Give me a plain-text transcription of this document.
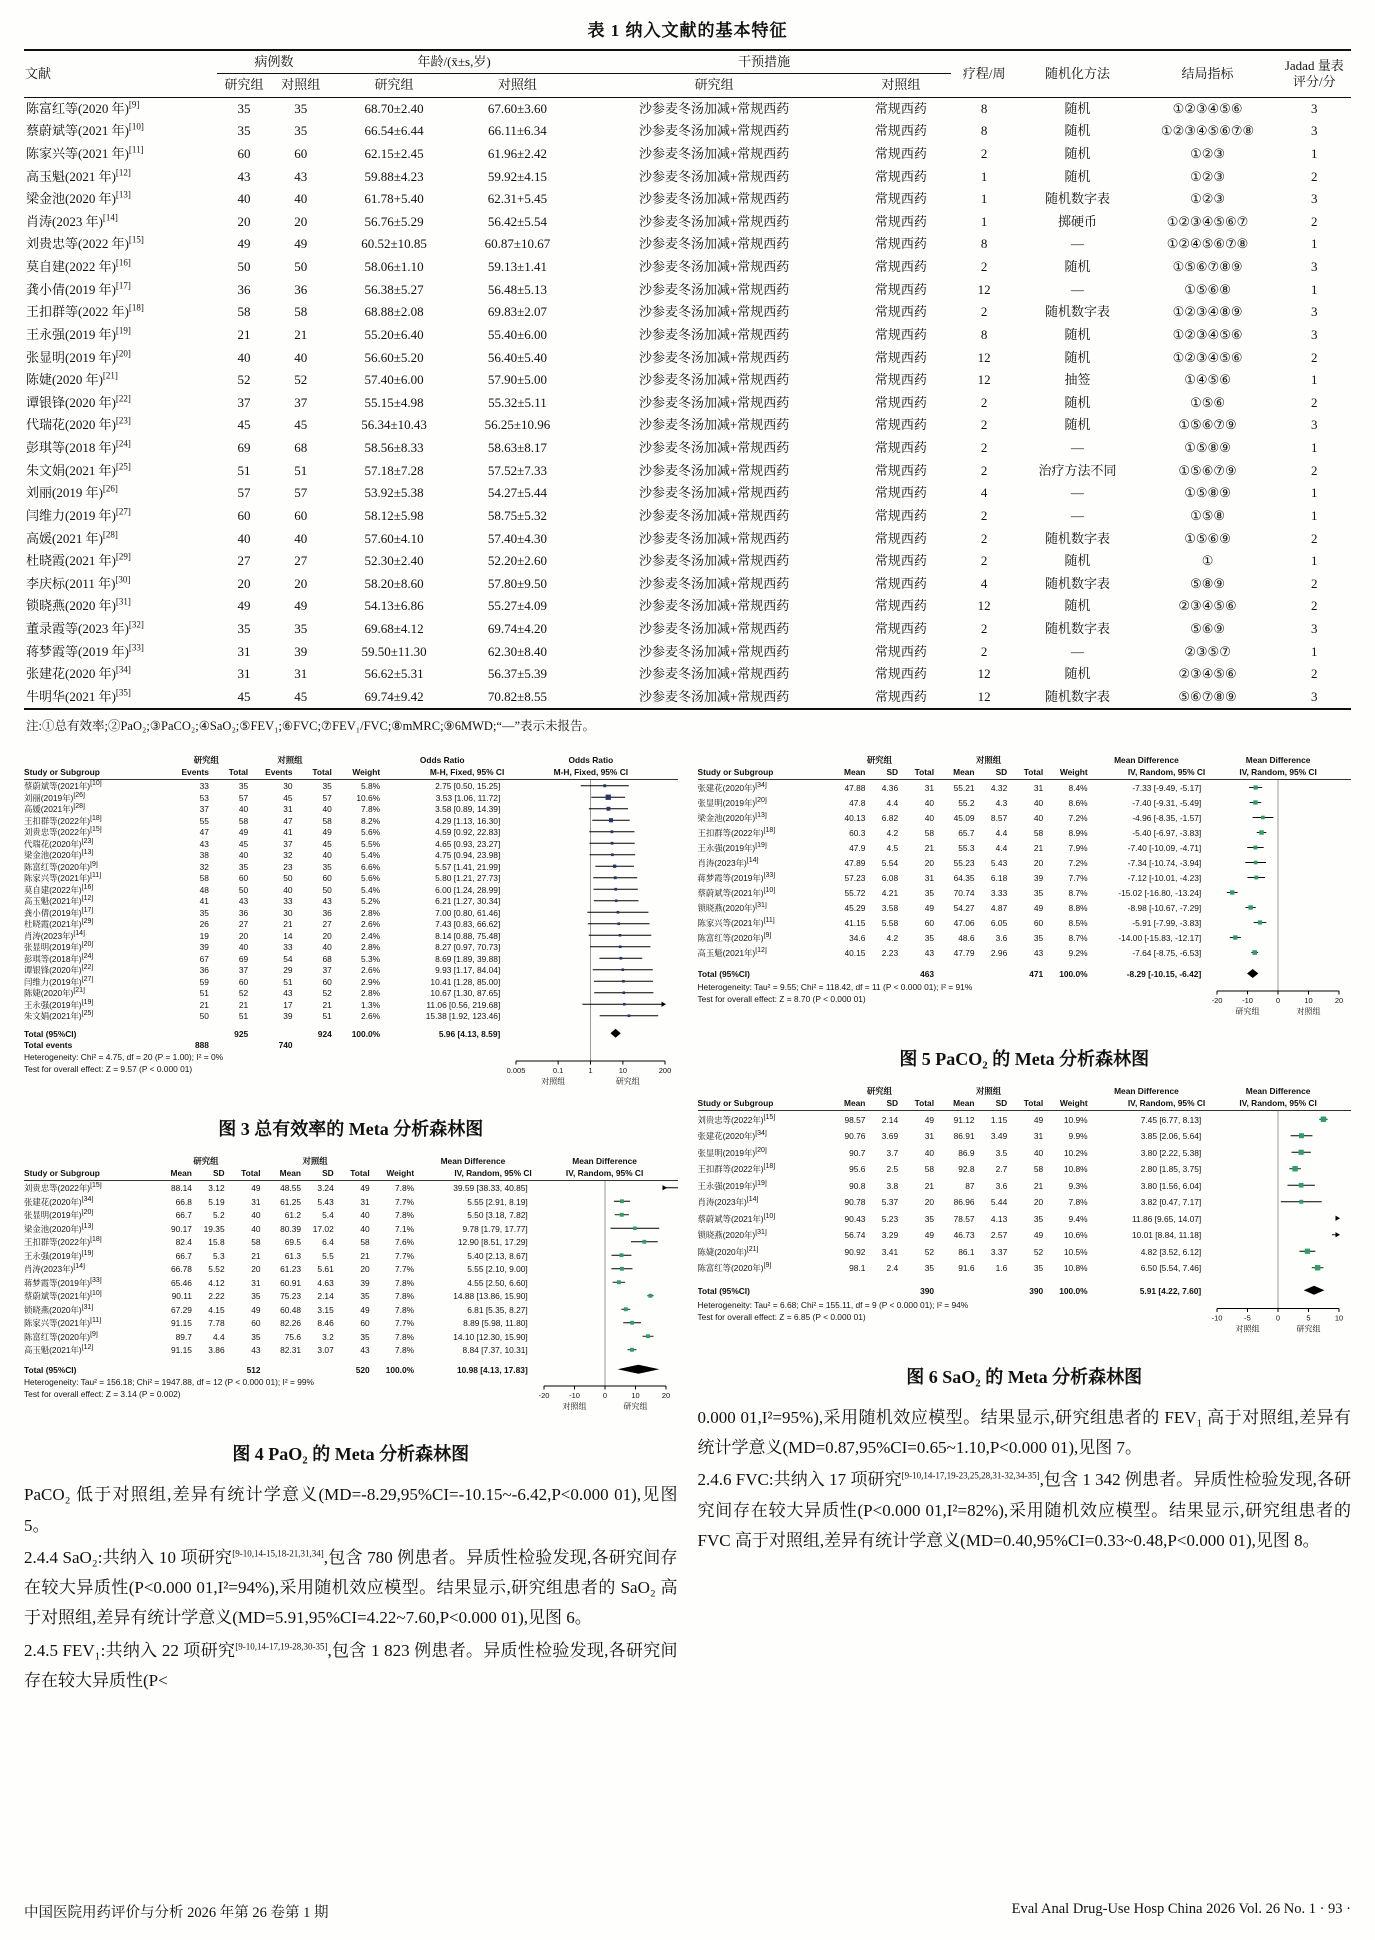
表 1 纳入文献的基本特征
文献	病例数		年龄/(x̄±s,岁)		干预措施		疗程/周	随机化方法	结局指标	Jadad 量表 评分/分
	研究组	对照组	研究组	对照组	研究组	对照组				
陈富红等(2020 年)[9]	35	35	68.70±2.40	67.60±3.60	沙参麦冬汤加减+常规西药	常规西药	8	随机	①②③④⑤⑥	3
蔡蔚斌等(2021 年)[10]	35	35	66.54±6.44	66.11±6.34	沙参麦冬汤加减+常规西药	常规西药	8	随机	①②③④⑤⑥⑦⑧	3
陈家兴等(2021 年)[11]	60	60	62.15±2.45	61.96±2.42	沙参麦冬汤加减+常规西药	常规西药	2	随机	①②③	1
高玉魁(2021 年)[12]	43	43	59.88±4.23	59.92±4.15	沙参麦冬汤加减+常规西药	常规西药	1	随机	①②③	2
梁金池(2020 年)[13]	40	40	61.78+5.40	62.31+5.45	沙参麦冬汤加减+常规西药	常规西药	1	随机数字表	①②③	3
肖涛(2023 年)[14]	20	20	56.76±5.29	56.42±5.54	沙参麦冬汤加减+常规西药	常规西药	1	掷硬币	①②③④⑤⑥⑦	2
刘贵忠等(2022 年)[15]	49	49	60.52±10.85	60.87±10.67	沙参麦冬汤加减+常规西药	常规西药	8	—	①②④⑤⑥⑦⑧	1
莫自建(2022 年)[16]	50	50	58.06±1.10	59.13±1.41	沙参麦冬汤加减+常规西药	常规西药	2	随机	①⑤⑥⑦⑧⑨	3
龚小倩(2019 年)[17]	36	36	56.38±5.27	56.48±5.13	沙参麦冬汤加减+常规西药	常规西药	12	—	①⑤⑥⑧	1
王扣群等(2022 年)[18]	58	58	68.88±2.08	69.83±2.07	沙参麦冬汤加减+常规西药	常规西药	2	随机数字表	①②③④⑧⑨	3
王永强(2019 年)[19]	21	21	55.20±6.40	55.40±6.00	沙参麦冬汤加减+常规西药	常规西药	8	随机	①②③④⑤⑥	3
张显明(2019 年)[20]	40	40	56.60±5.20	56.40±5.40	沙参麦冬汤加减+常规西药	常规西药	12	随机	①②③④⑤⑥	2
陈婕(2020 年)[21]	52	52	57.40±6.00	57.90±5.00	沙参麦冬汤加减+常规西药	常规西药	12	抽签	①④⑤⑥	1
谭银锋(2020 年)[22]	37	37	55.15±4.98	55.32±5.11	沙参麦冬汤加减+常规西药	常规西药	2	随机	①⑤⑥	2
代瑞花(2020 年)[23]	45	45	56.34±10.43	56.25±10.96	沙参麦冬汤加减+常规西药	常规西药	2	随机	①⑤⑥⑦⑨	3
彭琪等(2018 年)[24]	69	68	58.56±8.33	58.63±8.17	沙参麦冬汤加减+常规西药	常规西药	2	—	①⑤⑧⑨	1
朱文娟(2021 年)[25]	51	51	57.18±7.28	57.52±7.33	沙参麦冬汤加减+常规西药	常规西药	2	治疗方法不同	①⑤⑥⑦⑨	2
刘丽(2019 年)[26]	57	57	53.92±5.38	54.27±5.44	沙参麦冬汤加减+常规西药	常规西药	4	—	①⑤⑧⑨	1
闫维力(2019 年)[27]	60	60	58.12±5.98	58.75±5.32	沙参麦冬汤加减+常规西药	常规西药	2	—	①⑤⑧	1
高媛(2021 年)[28]	40	40	57.60±4.10	57.40±4.30	沙参麦冬汤加减+常规西药	常规西药	2	随机数字表	①⑤⑥⑨	2
杜晓霞(2021 年)[29]	27	27	52.30±2.40	52.20±2.60	沙参麦冬汤加减+常规西药	常规西药	2	随机	①	1
李庆标(2011 年)[30]	20	20	58.20±8.60	57.80±9.50	沙参麦冬汤加减+常规西药	常规西药	4	随机数字表	⑤⑧⑨	2
锁晓燕(2020 年)[31]	49	49	54.13±6.86	55.27±4.09	沙参麦冬汤加减+常规西药	常规西药	12	随机	②③④⑤⑥	2
董录霞等(2023 年)[32]	35	35	69.68±4.12	69.74±4.20	沙参麦冬汤加减+常规西药	常规西药	2	随机数字表	⑤⑥⑨	3
蒋梦霞等(2019 年)[33]	31	39	59.50±11.30	62.30±8.40	沙参麦冬汤加减+常规西药	常规西药	2	—	②③⑤⑦	1
张建花(2020 年)[34]	31	31	56.62±5.31	56.37±5.39	沙参麦冬汤加减+常规西药	常规西药	12	随机	②③④⑤⑥	2
牛明华(2021 年)[35]	45	45	69.74±9.42	70.82±8.55	沙参麦冬汤加减+常规西药	常规西药	12	随机数字表	⑤⑥⑦⑧⑨	3
注:①总有效率;②PaO₂;③PaCO₂;④SaO₂;⑤FEV₁;⑥FVC;⑦FEV₁/FVC;⑧mMRC;⑨6MWD;“—”表示未报告。
研究组	对照组	Odds Ratio	Odds Ratio
Study or Subgroup	Events	Total	Events	Total	Weight	M-H, Fixed, 95% CI	M-H, Fixed, 95% CI
蔡蔚斌等(2021年)[10]	33	35	30	35	5.8%	2.75 [0.50, 15.25]
刘丽(2019年)[26]	53	57	45	57	10.6%	3.53 [1.06, 11.72]
高媛(2021年)[28]	37	40	31	40	7.8%	3.58 [0.89, 14.39]
王扣群等(2022年)[18]	55	58	47	58	8.2%	4.29 [1.13, 16.30]
刘贵忠等(2022年)[15]	47	49	41	49	5.6%	4.59 [0.92, 22.83]
代瑞花(2020年)[23]	43	45	37	45	5.5%	4.65 [0.93, 23.27]
梁金池(2020年)[13]	38	40	32	40	5.4%	4.75 [0.94, 23.98]
陈富红等(2020年)[9]	32	35	23	35	6.6%	5.57 [1.41, 21.99]
陈家兴等(2021年)[11]	58	60	50	60	5.6%	5.80 [1.21, 27.73]
莫自建(2022年)[16]	48	50	40	50	5.4%	6.00 [1.24, 28.99]
高玉魁(2021年)[12]	41	43	33	43	5.2%	6.21 [1.27, 30.34]
龚小倩(2019年)[17]	35	36	30	36	2.8%	7.00 [0.80, 61.46]
杜晓霞(2021年)[29]	26	27	21	27	2.6%	7.43 [0.83, 66.62]
肖涛(2023年)[14]	19	20	14	20	2.4%	8.14 [0.88, 75.48]
张显明(2019年)[20]	39	40	33	40	2.8%	8.27 [0.97, 70.73]
彭琪等(2018年)[24]	67	69	54	68	5.3%	8.69 [1.89, 39.88]
谭银锋(2020年)[22]	36	37	29	37	2.6%	9.93 [1.17, 84.04]
闫维力(2019年)[27]	59	60	51	60	2.9%	10.41 [1.28, 85.00]
陈婕(2020年)[21]	51	52	43	52	2.8%	10.67 [1.30, 87.65]
王永强(2019年)[19]	21	21	17	21	1.3%	11.06 [0.56, 219.68]
朱文娟(2021年)[25]	50	51	39	51	2.6%	15.38 [1.92, 123.46]
Total (95%CI)	925	924	100.0%	5.96 [4.13, 8.59]
Total events	888	740
Heterogeneity: Chi² = 4.75, df = 20 (P = 1.00); I² = 0%
Test for overall effect: Z = 9.57 (P < 0.000 01)	0.005	0.1	1	10	200
对照组	研究组
图 3 总有效率的 Meta 分析森林图
研究组	对照组	Mean Difference	Mean Difference
Study or Subgroup	Mean	SD	Total	Mean	SD	Total	Weight	IV, Random, 95% CI	IV, Random, 95% CI
刘贵忠等(2022年)[15]	88.14	3.12	49	48.55	3.24	49	7.8%	39.59 [38.33, 40.85]
张建花(2020年)[34]	66.8	5.19	31	61.25	5.43	31	7.7%	5.55 [2.91, 8.19]
张显明(2019年)[20]	66.7	5.2	40	61.2	5.4	40	7.8%	5.50 [3.18, 7.82]
梁金池(2020年)[13]	90.17	19.35	40	80.39	17.02	40	7.1%	9.78 [1.79, 17.77]
王扣群等(2022年)[18]	82.4	15.8	58	69.5	6.4	58	7.6%	12.90 [8.51, 17.29]
王永强(2019年)[19]	66.7	5.3	21	61.3	5.5	21	7.7%	5.40 [2.13, 8.67]
肖涛(2023年)[14]	66.78	5.52	20	61.23	5.61	20	7.7%	5.55 [2.10, 9.00]
蒋梦霞等(2019年)[33]	65.46	4.12	31	60.91	4.63	39	7.8%	4.55 [2.50, 6.60]
蔡蔚斌等(2021年)[10]	90.11	2.22	35	75.23	2.14	35	7.8%	14.88 [13.86, 15.90]
锁晓燕(2020年)[31]	67.29	4.15	49	60.48	3.15	49	7.8%	6.81 [5.35, 8.27]
陈家兴等(2021年)[11]	91.15	7.78	60	82.26	8.46	60	7.7%	8.89 [5.98, 11.80]
陈富红等(2020年)[9]	89.7	4.4	35	75.6	3.2	35	7.8%	14.10 [12.30, 15.90]
高玉魁(2021年)[12]	91.15	3.86	43	82.31	3.07	43	7.8%	8.84 [7.37, 10.31]
Total (95%CI)	512	520	100.0%	10.98 [4.13, 17.83]
Heterogeneity: Tau² = 156.18; Chi² = 1947.88, df = 12 (P < 0.000 01); I² = 99%
Test for overall effect: Z = 3.14 (P = 0.002)	-20	-10	0	10	20
对照组	研究组
图 4 PaO₂ 的 Meta 分析森林图

PaCO₂ 低于对照组,差异有统计学意义(MD=-8.29,95%CI=-10.15~-6.42,P<0.000 01),见图 5。

2.4.4 SaO₂:共纳入 10 项研究[9-10,14-15,18-21,31,34],包含 780 例患者。异质性检验发现,各研究间存在较大异质性(P<0.000 01,I²=94%),采用随机效应模型。结果显示,研究组患者的 SaO₂ 高于对照组,差异有统计学意义(MD=5.91,95%CI=4.22~7.60,P<0.000 01),见图 6。

2.4.5 FEV₁:共纳入 22 项研究[9-10,14-17,19-28,30-35],包含 1 823 例患者。异质性检验发现,各研究间存在较大异质性(P<

研究组	对照组	Mean Difference	Mean Difference
Study or Subgroup	Mean	SD	Total	Mean	SD	Total	Weight	IV, Random, 95% CI	IV, Random, 95% CI
张建花(2020年)[34]	47.88	4.36	31	55.21	4.32	31	8.4%	-7.33 [-9.49, -5.17]
张显明(2019年)[20]	47.8	4.4	40	55.2	4.3	40	8.6%	-7.40 [-9.31, -5.49]
梁金池(2020年)[13]	40.13	6.82	40	45.09	8.57	40	7.2%	-4.96 [-8.35, -1.57]
王扣群等(2022年)[18]	60.3	4.2	58	65.7	4.4	58	8.9%	-5.40 [-6.97, -3.83]
王永强(2019年)[19]	47.9	4.5	21	55.3	4.4	21	7.9%	-7.40 [-10.09, -4.71]
肖涛(2023年)[14]	47.89	5.54	20	55.23	5.43	20	7.2%	-7.34 [-10.74, -3.94]
蒋梦霞等(2019年)[33]	57.23	6.08	31	64.35	6.18	39	7.7%	-7.12 [-10.01, -4.23]
蔡蔚斌等(2021年)[10]	55.72	4.21	35	70.74	3.33	35	8.7%	-15.02 [-16.80, -13.24]
锁晓燕(2020年)[31]	45.29	3.58	49	54.27	4.87	49	8.8%	-8.98 [-10.67, -7.29]
陈家兴等(2021年)[11]	41.15	5.58	60	47.06	6.05	60	8.5%	-5.91 [-7.99, -3.83]
陈富红等(2020年)[9]	34.6	4.2	35	48.6	3.6	35	8.7%	-14.00 [-15.83, -12.17]
高玉魁(2021年)[12]	40.15	2.23	43	47.79	2.96	43	9.2%	-7.64 [-8.75, -6.53]
Total (95%CI)	463	471	100.0%	-8.29 [-10.15, -6.42]
Heterogeneity: Tau² = 9.55; Chi² = 118.42, df = 11 (P < 0.000 01); I² = 91%
Test for overall effect: Z = 8.70 (P < 0.000 01)	-20	-10	0	10	20
研究组	对照组
图 5 PaCO₂ 的 Meta 分析森林图
研究组	对照组	Mean Difference	Mean Difference
Study or Subgroup	Mean	SD	Total	Mean	SD	Total	Weight	IV, Random, 95% CI	IV, Random, 95% CI
刘贵忠等(2022年)[15]	98.57	2.14	49	91.12	1.15	49	10.9%	7.45 [6.77, 8.13]
张建花(2020年)[34]	90.76	3.69	31	86.91	3.49	31	9.9%	3.85 [2.06, 5.64]
张显明(2019年)[20]	90.7	3.7	40	86.9	3.5	40	10.2%	3.80 [2.22, 5.38]
王扣群等(2022年)[18]	95.6	2.5	58	92.8	2.7	58	10.8%	2.80 [1.85, 3.75]
王永强(2019年)[19]	90.8	3.8	21	87	3.6	21	9.3%	3.80 [1.56, 6.04]
肖涛(2023年)[14]	90.78	5.37	20	86.96	5.44	20	7.8%	3.82 [0.47, 7.17]
蔡蔚斌等(2021年)[10]	90.43	5.23	35	78.57	4.13	35	9.4%	11.86 [9.65, 14.07]
锁晓燕(2020年)[31]	56.74	3.29	49	46.73	2.57	49	10.6%	10.01 [8.84, 11.18]
陈婕(2020年)[21]	90.92	3.41	52	86.1	3.37	52	10.5%	4.82 [3.52, 6.12]
陈富红等(2020年)[9]	98.1	2.4	35	91.6	1.6	35	10.8%	6.50 [5.54, 7.46]
Total (95%CI)	390	390	100.0%	5.91 [4.22, 7.60]
Heterogeneity: Tau² = 6.68; Chi² = 155.11, df = 9 (P < 0.000 01); I² = 94%
Test for overall effect: Z = 6.85 (P < 0.000 01)	-10	-5	0	5	10
对照组	研究组
图 6 SaO₂ 的 Meta 分析森林图

0.000 01,I²=95%),采用随机效应模型。结果显示,研究组患者的 FEV₁ 高于对照组,差异有统计学意义(MD=0.87,95%CI=0.65~1.10,P<0.000 01),见图 7。

2.4.6 FVC:共纳入 17 项研究[9-10,14-17,19-23,25,28,31-32,34-35],包含 1 342 例患者。异质性检验发现,各研究间存在较大异质性(P<0.000 01,I²=82%),采用随机效应模型。结果显示,研究组患者的 FVC 高于对照组,差异有统计学意义(MD=0.40,95%CI=0.33~0.48,P<0.000 01),见图 8。

中国医院用药评价与分析 2026 年第 26 卷第 1 期	Eval Anal Drug-Use Hosp China 2026 Vol. 26 No. 1 · 93 ·
